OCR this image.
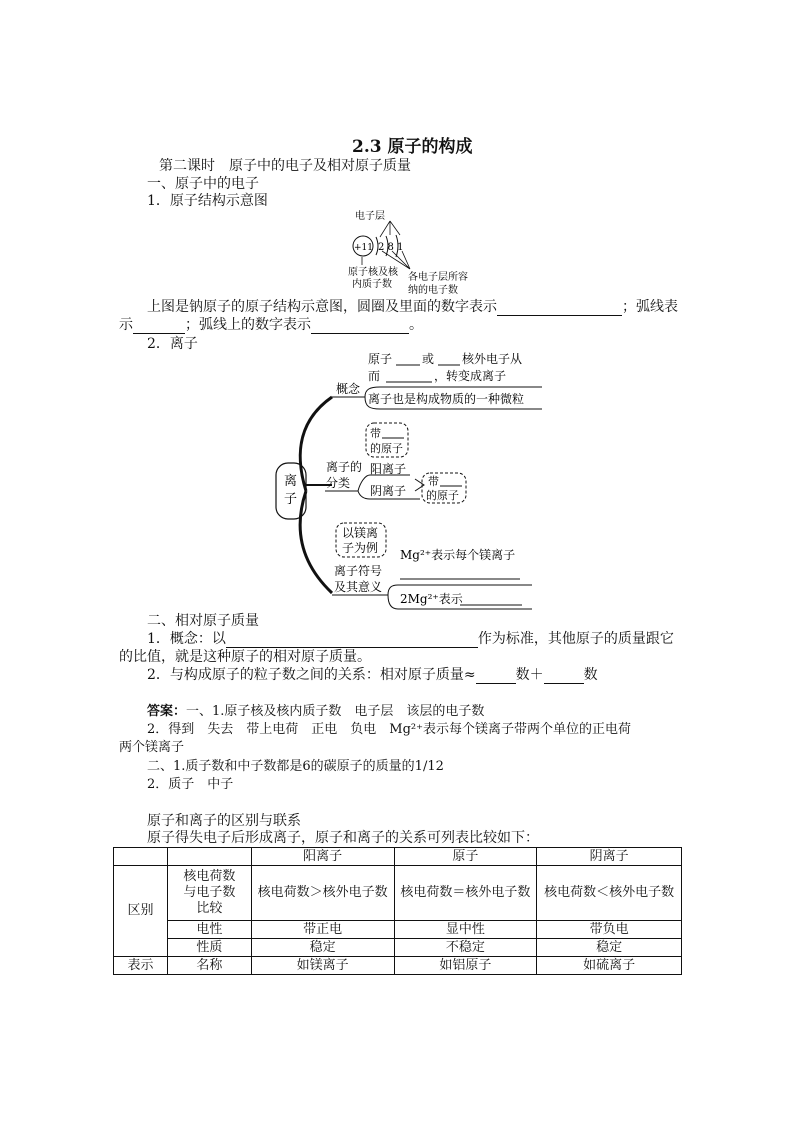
2.3 原子的构成
第二课时　原子中的电子及相对原子质量
一、原子中的电子
1．原子结构示意图
电子层
+11 2 8 1
原子核及核
内质子数
各电子层所容
纳的电子数
上图是钠原子的原子结构示意图，圆圈及里面的数字表示	；弧线表
示	；弧线上的数字表示	。
2．离子
离
子
概念
原子 或 核外电子从
而	，转变成离子
离子也是构成物质的一种微粒
离子的
分类
阳离子
阴离子
带
的原子
带
的原子
以镁离
子为例
离子符号
及其意义
Mg²⁺表示每个镁离子
2Mg²⁺表示
二、相对原子质量
1．概念：以	作为标准，其他原子的质量跟它
的比值，就是这种原子的相对原子质量。
2．与构成原子的粒子数之间的关系：相对原子质量≈	数＋	数
答案：一、1.原子核及核内质子数　电子层　该层的电子数
2．得到　失去　带上电荷　正电　负电　Mg²⁺表示每个镁离子带两个单位的正电荷
两个镁离子
二、1.质子数和中子数都是6的碳原子的质量的1/12
2．质子　中子
原子和离子的区别与联系
原子得失电子后形成离子，原子和离子的关系可列表比较如下：
		阳离子	原子	阴离子
区别	核电荷数
与电子数
比较	核电荷数＞核外电子数	核电荷数＝核外电子数	核电荷数＜核外电子数
	电性	带正电	显中性	带负电
	性质	稳定	不稳定	稳定
表示	名称	如镁离子	如铝原子	如硫离子
